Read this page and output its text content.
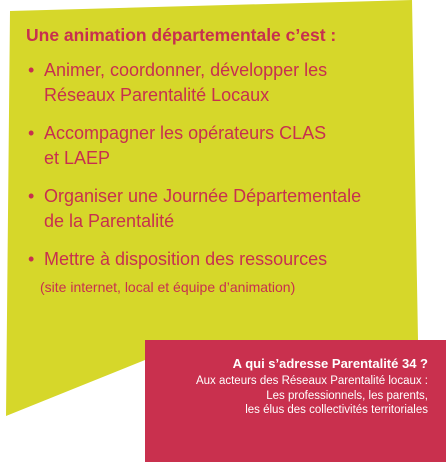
Une animation départementale c’est :
• Animer, coordonner, développer les
Réseaux Parentalité Locaux
• Accompagner les opérateurs CLAS
et LAEP
• Organiser une Journée Départementale
de la Parentalité
• Mettre à disposition des ressources
(site internet, local et équipe d’animation)
A qui s’adresse Parentalité 34 ?
Aux acteurs des Réseaux Parentalité locaux :
Les professionnels, les parents,
les élus des collectivités territoriales
